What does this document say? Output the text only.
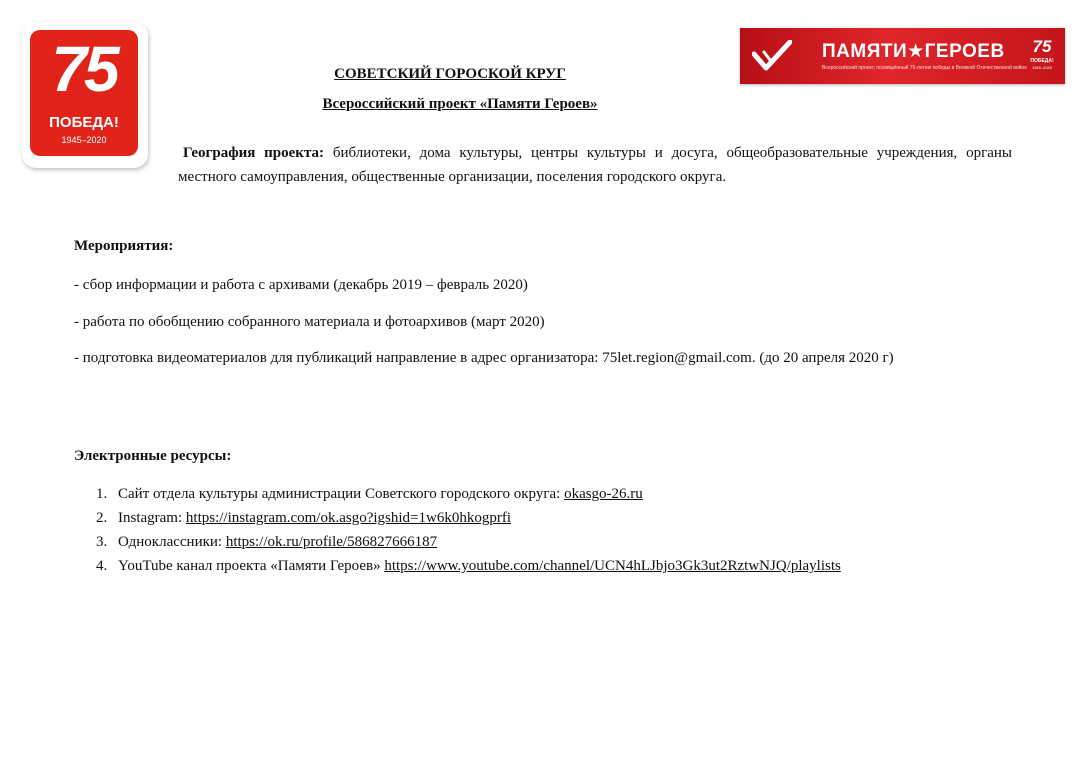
75
ПОБЕДА!
1945–2020
ПАМЯТИ★ГЕРОЕВ
Всероссийский проект, посвящённый 75-летию победы в Великой Отечественной войне
75
ПОБЕДА!
1945–2020
СОВЕТСКИЙ ГОРОСКОЙ КРУГ
Всероссийский проект «Памяти Героев»
География проекта: библиотеки, дома культуры, центры культуры и досуга, общеобразовательные учреждения, органы местного самоуправления, общественные организации, поселения городского округа.
Мероприятия:
- сбор информации и работа с архивами (декабрь 2019 – февраль 2020)
- работа по обобщению собранного материала и фотоархивов (март 2020)
- подготовка видеоматериалов для публикаций направление в адрес организатора: 75let.region@gmail.com. (до 20 апреля 2020 г)
Электронные ресурсы:
1. Сайт отдела культуры администрации Советского городского округа: okasgo-26.ru
2. Instagram: https://instagram.com/ok.asgo?igshid=1w6k0hkogprfi
3. Одноклассники: https://ok.ru/profile/586827666187
4. YouTube канал проекта «Памяти Героев» https://www.youtube.com/channel/UCN4hLJbjo3Gk3ut2RztwNJQ/playlists
